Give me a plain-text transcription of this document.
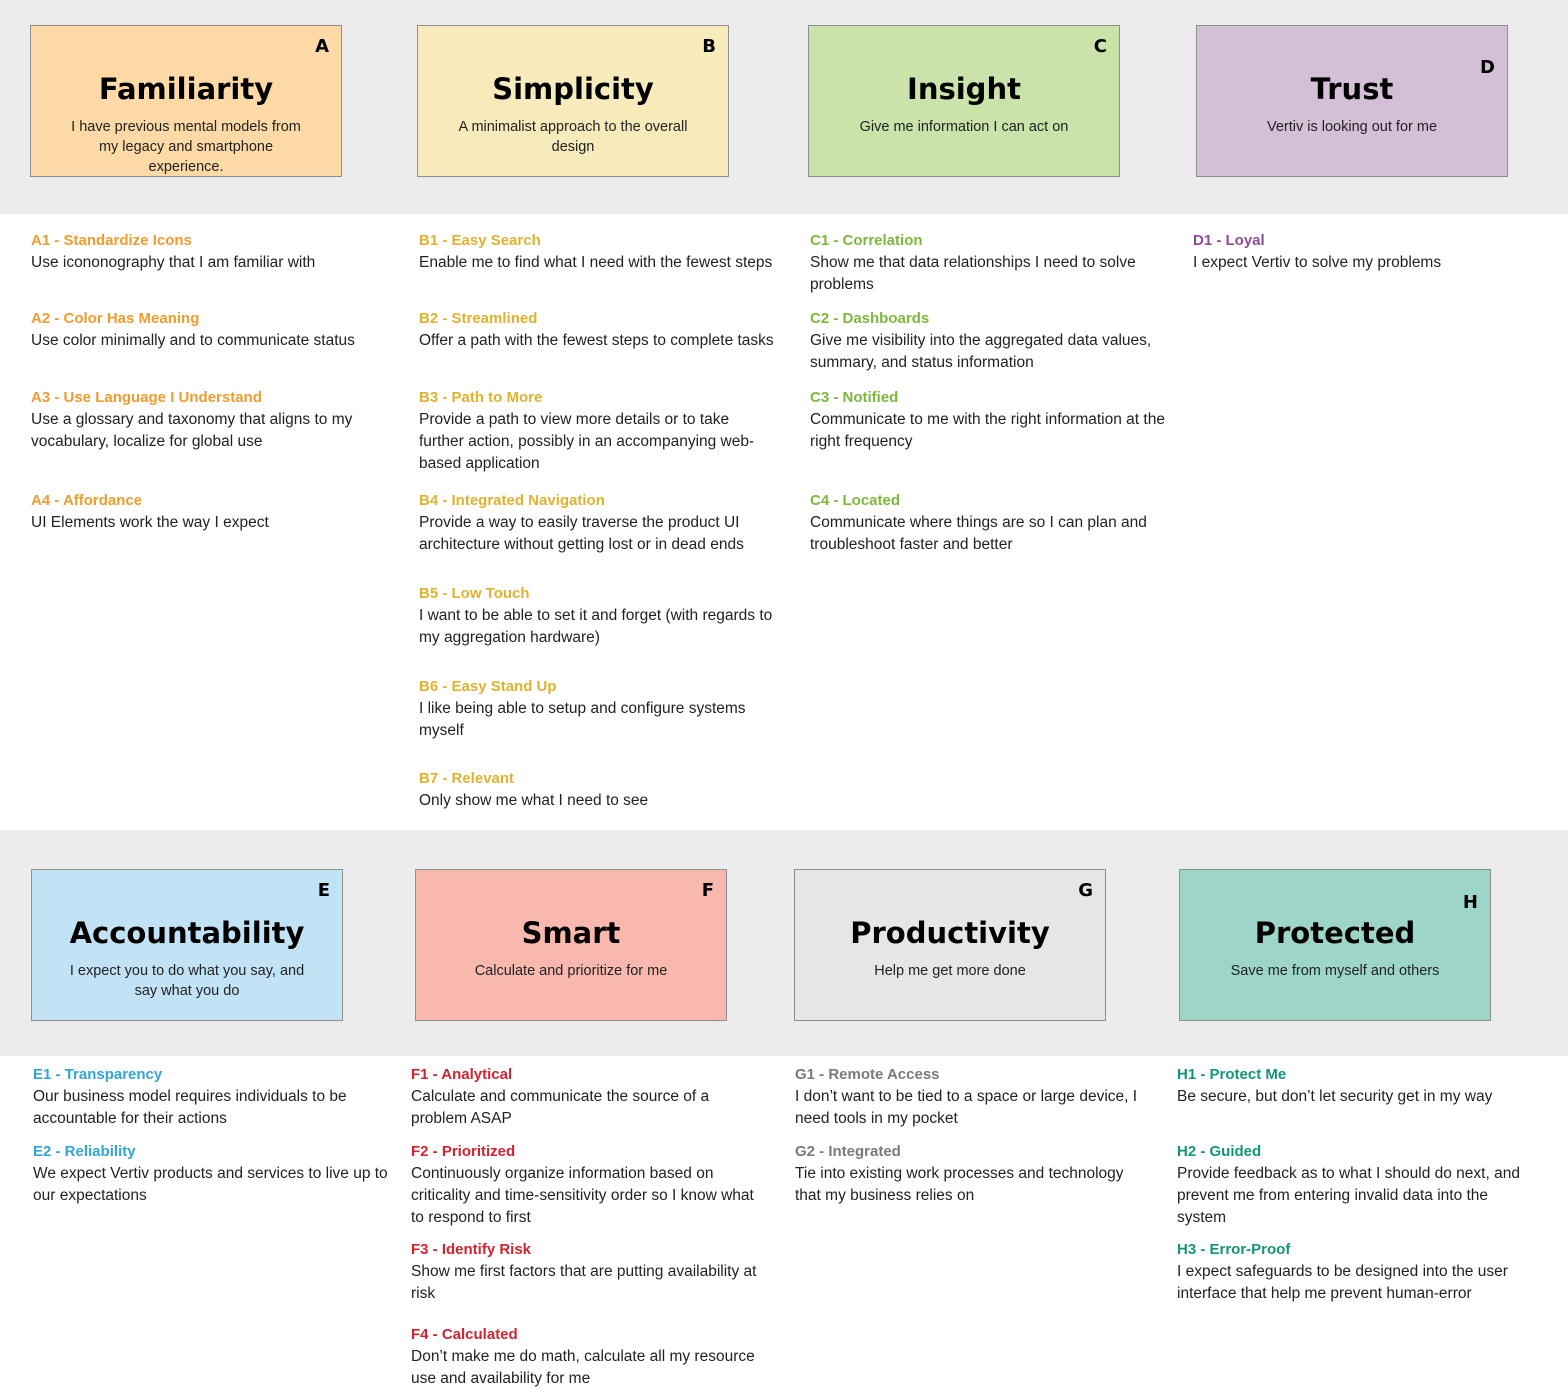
A
Familiarity
I have previous mental models from my legacy and smartphone experience.
B
Simplicity
A minimalist approach to the overall design
C
Insight
Give me information I can act on
D
Trust
Vertiv is looking out for me
E
Accountability
I expect you to do what you say, and say what you do
F
Smart
Calculate and prioritize for me
G
Productivity
Help me get more done
H
Protected
Save me from myself and others
A1 - Standardize Icons
Use icononography that I am familiar with
A2 - Color Has Meaning
Use color minimally and to communicate status
A3 - Use Language I Understand
Use a glossary and taxonomy that aligns to my vocabulary, localize for global use
A4 - Affordance
UI Elements work the way I expect
B1 - Easy Search
Enable me to find what I need with the fewest steps
B2 - Streamlined
Offer a path with the fewest steps to complete tasks
B3 - Path to More
Provide a path to view more details or to take further action, possibly in an accompanying web-based application
B4 - Integrated Navigation
Provide a way to easily traverse the product UI architecture without getting lost or in dead ends
B5 - Low Touch
I want to be able to set it and forget (with regards to my aggregation hardware)
B6 - Easy Stand Up
I like being able to setup and configure systems myself
B7 - Relevant
Only show me what I need to see
C1 - Correlation
Show me that data relationships I need to solve problems
C2 - Dashboards
Give me visibility into the aggregated data values, summary, and status information
C3 - Notified
Communicate to me with the right information at the right frequency
C4 - Located
Communicate where things are so I can plan and troubleshoot faster and better
D1 - Loyal
I expect Vertiv to solve my problems
E1 - Transparency
Our business model requires individuals to be accountable for their actions
E2 - Reliability
We expect Vertiv products and services to live up to our expectations
F1 - Analytical
Calculate and communicate the source of a problem ASAP
F2 - Prioritized
Continuously organize information based on criticality and time-sensitivity order so I know what to respond to first
F3 - Identify Risk
Show me first factors that are putting availability at risk
F4 - Calculated
Don’t make me do math, calculate all my resource use and availability for me
G1 - Remote Access
I don’t want to be tied to a space or large device, I need tools in my pocket
G2 - Integrated
Tie into existing work processes and technology that my business relies on
H1 - Protect Me
Be secure, but don’t let security get in my way
H2 - Guided
Provide feedback as to what I should do next, and prevent me from entering invalid data into the system
H3 - Error-Proof
I expect safeguards to be designed into the user interface that help me prevent human-error
